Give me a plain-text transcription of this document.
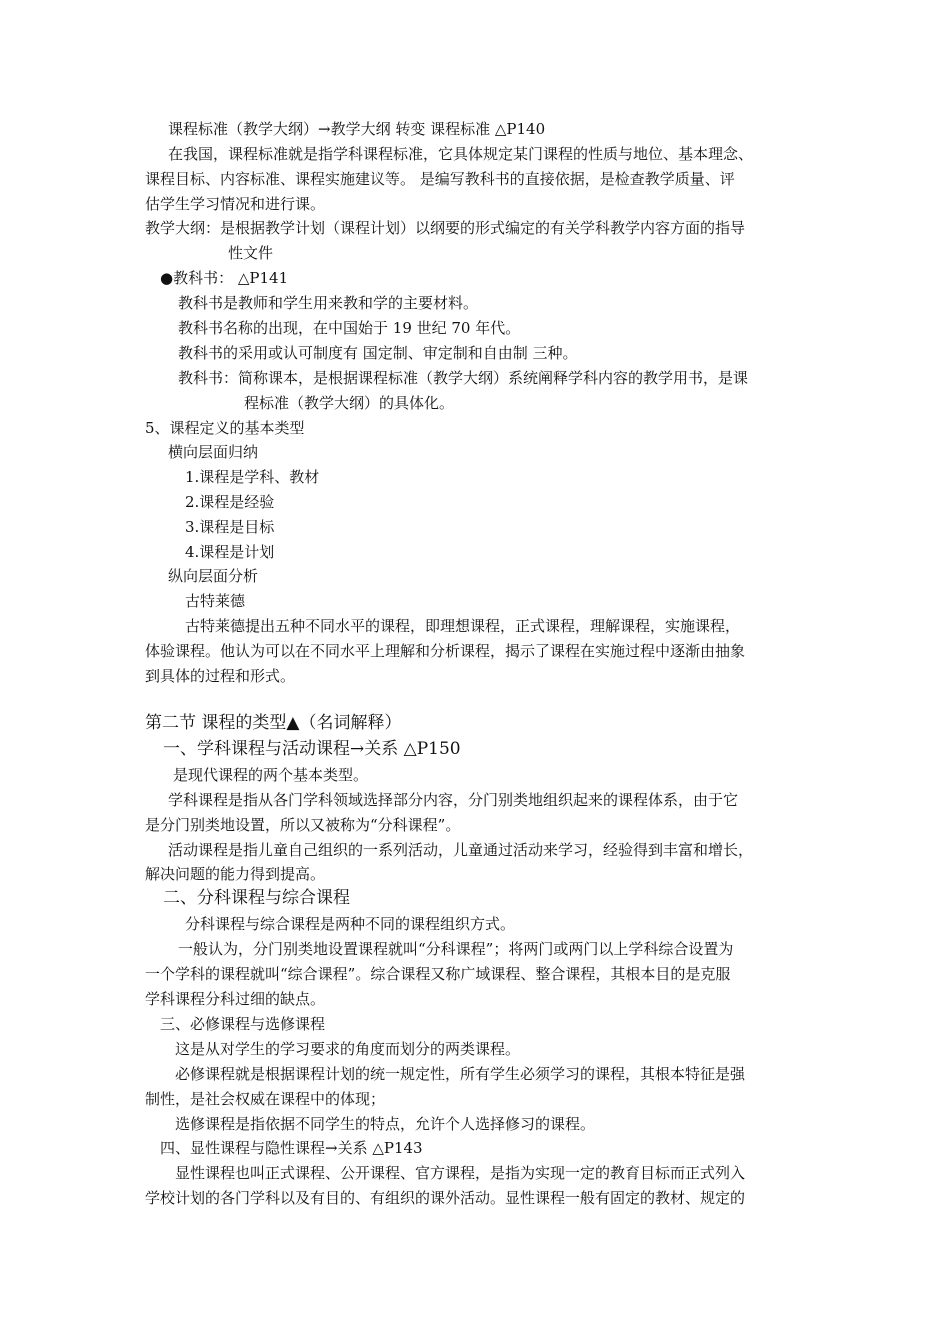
课程标准（教学大纲）→教学大纲 转变 课程标准 △P140
在我国，课程标准就是指学科课程标准，它具体规定某门课程的性质与地位、基本理念、
课程目标、内容标准、课程实施建议等。 是编写教科书的直接依据，是检查教学质量、评
估学生学习情况和进行课。
教学大纲：是根据教学计划（课程计划）以纲要的形式编定的有关学科教学内容方面的指导
性文件
●教科书： △P141
教科书是教师和学生用来教和学的主要材料。
教科书名称的出现，在中国始于 19 世纪 70 年代。
教科书的采用或认可制度有 国定制、审定制和自由制 三种。
教科书：简称课本，是根据课程标准（教学大纲）系统阐释学科内容的教学用书，是课
程标准（教学大纲）的具体化。
5、课程定义的基本类型
横向层面归纳
1.课程是学科、教材
2.课程是经验
3.课程是目标
4.课程是计划
纵向层面分析
古特莱德
古特莱德提出五种不同水平的课程，即理想课程，正式课程，理解课程，实施课程，
体验课程。他认为可以在不同水平上理解和分析课程，揭示了课程在实施过程中逐渐由抽象
到具体的过程和形式。
第二节 课程的类型▲（名词解释）
一、学科课程与活动课程→关系 △P150
是现代课程的两个基本类型。
学科课程是指从各门学科领域选择部分内容，分门别类地组织起来的课程体系，由于它
是分门别类地设置，所以又被称为“分科课程”。
活动课程是指儿童自己组织的一系列活动，儿童通过活动来学习，经验得到丰富和增长，
解决问题的能力得到提高。
二、分科课程与综合课程
分科课程与综合课程是两种不同的课程组织方式。
一般认为，分门别类地设置课程就叫“分科课程”；将两门或两门以上学科综合设置为
一个学科的课程就叫“综合课程”。综合课程又称广域课程、整合课程，其根本目的是克服
学科课程分科过细的缺点。
三、必修课程与选修课程
这是从对学生的学习要求的角度而划分的两类课程。
必修课程就是根据课程计划的统一规定性，所有学生必须学习的课程，其根本特征是强
制性，是社会权威在课程中的体现；
选修课程是指依据不同学生的特点，允许个人选择修习的课程。
四、显性课程与隐性课程→关系 △P143
显性课程也叫正式课程、公开课程、官方课程，是指为实现一定的教育目标而正式列入
学校计划的各门学科以及有目的、有组织的课外活动。显性课程一般有固定的教材、规定的
